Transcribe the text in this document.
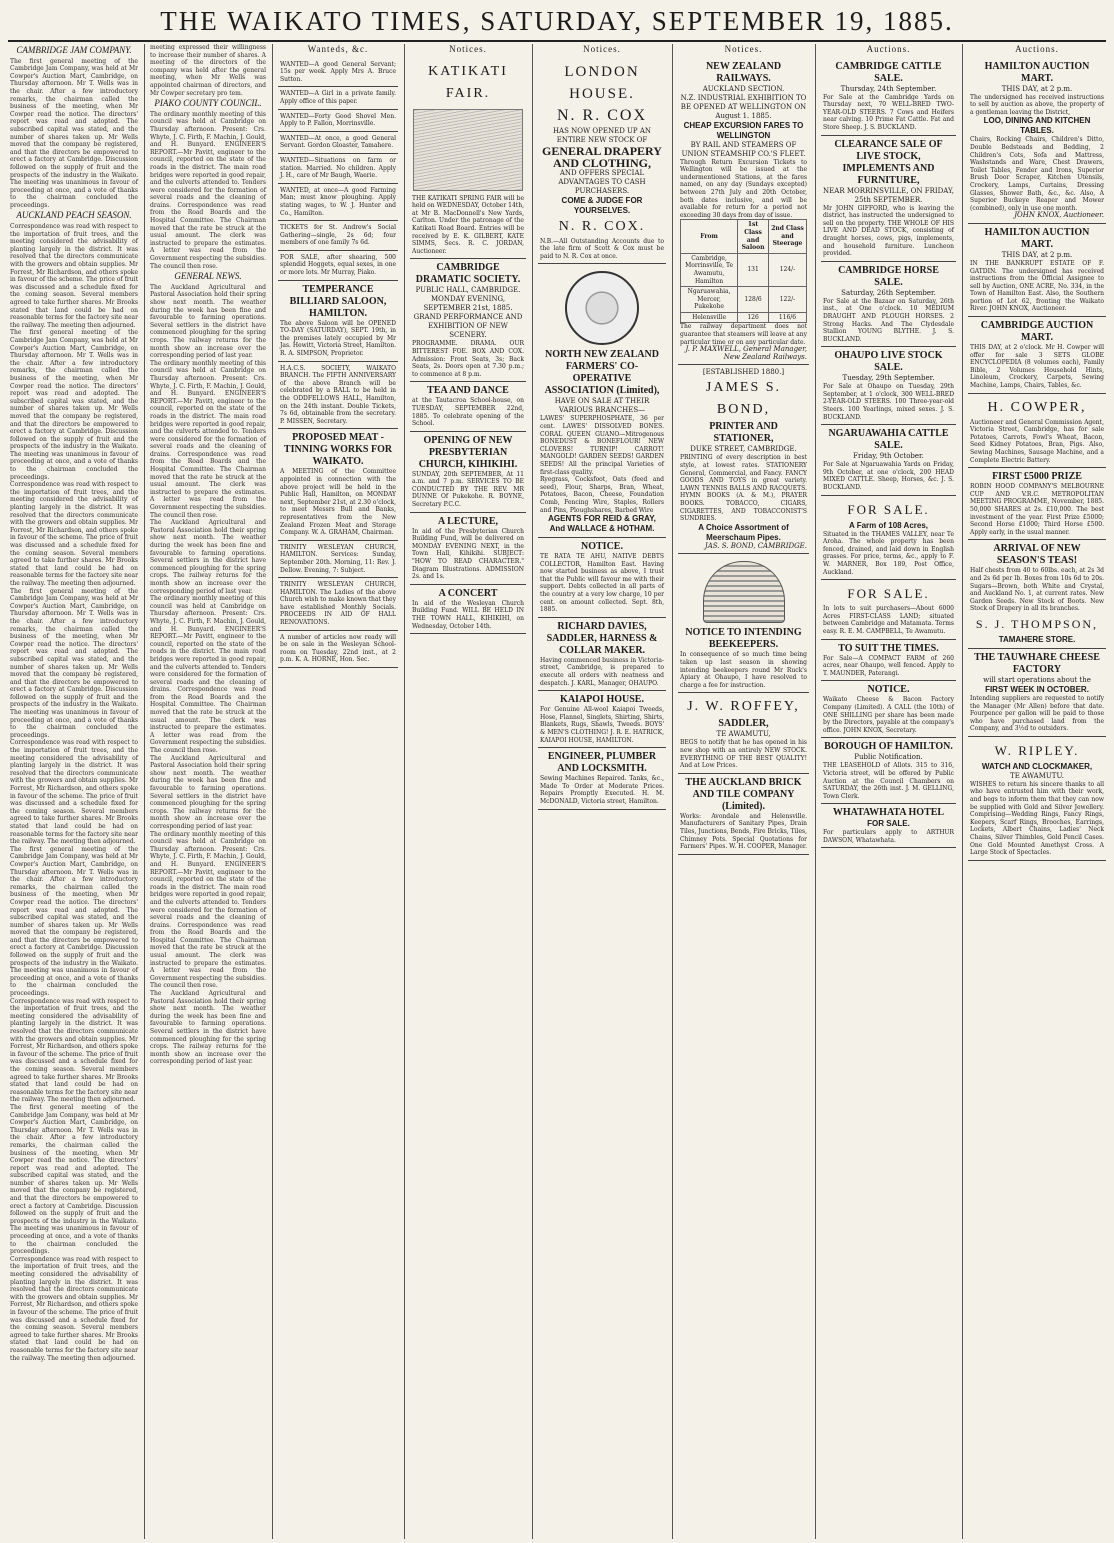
THE WAIKATO TIMES, SATURDAY, SEPTEMBER 19, 1885.
CAMBRIDGE JAM COMPANY.
The first general meeting of the Cambridge Jam Company, was held at Mr Cowper's Auction Mart, Cambridge, on Thursday afternoon. Mr T. Wells was in the chair. After a few introductory remarks, the chairman called the business of the meeting, when Mr Cowper read the notice. The directors' report was read and adopted. The subscribed capital was stated, and the number of shares taken up. Mr Wells moved that the company be registered, and that the directors be empowered to erect a factory at Cambridge. Discussion followed on the supply of fruit and the prospects of the industry in the Waikato. The meeting was unanimous in favour of proceeding at once, and a vote of thanks to the chairman concluded the proceedings.
AUCKLAND PEACH SEASON.
Correspondence was read with respect to the importation of fruit trees, and the meeting considered the advisability of planting largely in the district. It was resolved that the directors communicate with the growers and obtain supplies. Mr Forrest, Mr Richardson, and others spoke in favour of the scheme. The price of fruit was discussed and a schedule fixed for the coming season. Several members agreed to take further shares. Mr Brooks stated that land could be had on reasonable terms for the factory site near the railway. The meeting then adjourned.
The first general meeting of the Cambridge Jam Company, was held at Mr Cowper's Auction Mart, Cambridge, on Thursday afternoon. Mr T. Wells was in the chair. After a few introductory remarks, the chairman called the business of the meeting, when Mr Cowper read the notice. The directors' report was read and adopted. The subscribed capital was stated, and the number of shares taken up. Mr Wells moved that the company be registered, and that the directors be empowered to erect a factory at Cambridge. Discussion followed on the supply of fruit and the prospects of the industry in the Waikato. The meeting was unanimous in favour of proceeding at once, and a vote of thanks to the chairman concluded the proceedings.
Correspondence was read with respect to the importation of fruit trees, and the meeting considered the advisability of planting largely in the district. It was resolved that the directors communicate with the growers and obtain supplies. Mr Forrest, Mr Richardson, and others spoke in favour of the scheme. The price of fruit was discussed and a schedule fixed for the coming season. Several members agreed to take further shares. Mr Brooks stated that land could be had on reasonable terms for the factory site near the railway. The meeting then adjourned.
The first general meeting of the Cambridge Jam Company, was held at Mr Cowper's Auction Mart, Cambridge, on Thursday afternoon. Mr T. Wells was in the chair. After a few introductory remarks, the chairman called the business of the meeting, when Mr Cowper read the notice. The directors' report was read and adopted. The subscribed capital was stated, and the number of shares taken up. Mr Wells moved that the company be registered, and that the directors be empowered to erect a factory at Cambridge. Discussion followed on the supply of fruit and the prospects of the industry in the Waikato. The meeting was unanimous in favour of proceeding at once, and a vote of thanks to the chairman concluded the proceedings.
Correspondence was read with respect to the importation of fruit trees, and the meeting considered the advisability of planting largely in the district. It was resolved that the directors communicate with the growers and obtain supplies. Mr Forrest, Mr Richardson, and others spoke in favour of the scheme. The price of fruit was discussed and a schedule fixed for the coming season. Several members agreed to take further shares. Mr Brooks stated that land could be had on reasonable terms for the factory site near the railway. The meeting then adjourned.
The first general meeting of the Cambridge Jam Company, was held at Mr Cowper's Auction Mart, Cambridge, on Thursday afternoon. Mr T. Wells was in the chair. After a few introductory remarks, the chairman called the business of the meeting, when Mr Cowper read the notice. The directors' report was read and adopted. The subscribed capital was stated, and the number of shares taken up. Mr Wells moved that the company be registered, and that the directors be empowered to erect a factory at Cambridge. Discussion followed on the supply of fruit and the prospects of the industry in the Waikato. The meeting was unanimous in favour of proceeding at once, and a vote of thanks to the chairman concluded the proceedings.
Correspondence was read with respect to the importation of fruit trees, and the meeting considered the advisability of planting largely in the district. It was resolved that the directors communicate with the growers and obtain supplies. Mr Forrest, Mr Richardson, and others spoke in favour of the scheme. The price of fruit was discussed and a schedule fixed for the coming season. Several members agreed to take further shares. Mr Brooks stated that land could be had on reasonable terms for the factory site near the railway. The meeting then adjourned.
The first general meeting of the Cambridge Jam Company, was held at Mr Cowper's Auction Mart, Cambridge, on Thursday afternoon. Mr T. Wells was in the chair. After a few introductory remarks, the chairman called the business of the meeting, when Mr Cowper read the notice. The directors' report was read and adopted. The subscribed capital was stated, and the number of shares taken up. Mr Wells moved that the company be registered, and that the directors be empowered to erect a factory at Cambridge. Discussion followed on the supply of fruit and the prospects of the industry in the Waikato. The meeting was unanimous in favour of proceeding at once, and a vote of thanks to the chairman concluded the proceedings.
Correspondence was read with respect to the importation of fruit trees, and the meeting considered the advisability of planting largely in the district. It was resolved that the directors communicate with the growers and obtain supplies. Mr Forrest, Mr Richardson, and others spoke in favour of the scheme. The price of fruit was discussed and a schedule fixed for the coming season. Several members agreed to take further shares. Mr Brooks stated that land could be had on reasonable terms for the factory site near the railway. The meeting then adjourned.
meeting expressed their willingness to increase their number of shares. A meeting of the directors of the company was held after the general meeting, when Mr Wells was appointed chairman of directors, and Mr Cowper secretary pro tem.
PIAKO COUNTY COUNCIL.
The ordinary monthly meeting of this council was held at Cambridge on Thursday afternoon. Present: Crs. Whyte, J. C. Firth, F. Machin, J. Gould, and H. Bunyard. ENGINEER'S REPORT.—Mr Pavitt, engineer to the council, reported on the state of the roads in the district. The main road bridges were reported in good repair, and the culverts attended to. Tenders were considered for the formation of several roads and the cleaning of drains. Correspondence was read from the Road Boards and the Hospital Committee. The Chairman moved that the rate be struck at the usual amount. The clerk was instructed to prepare the estimates. A letter was read from the Government respecting the subsidies. The council then rose.
GENERAL NEWS.
The Auckland Agricultural and Pastoral Association hold their spring show next month. The weather during the week has been fine and favourable to farming operations. Several settlers in the district have commenced ploughing for the spring crops. The railway returns for the month show an increase over the corresponding period of last year.
The ordinary monthly meeting of this council was held at Cambridge on Thursday afternoon. Present: Crs. Whyte, J. C. Firth, F. Machin, J. Gould, and H. Bunyard. ENGINEER'S REPORT.—Mr Pavitt, engineer to the council, reported on the state of the roads in the district. The main road bridges were reported in good repair, and the culverts attended to. Tenders were considered for the formation of several roads and the cleaning of drains. Correspondence was read from the Road Boards and the Hospital Committee. The Chairman moved that the rate be struck at the usual amount. The clerk was instructed to prepare the estimates. A letter was read from the Government respecting the subsidies. The council then rose.
The Auckland Agricultural and Pastoral Association hold their spring show next month. The weather during the week has been fine and favourable to farming operations. Several settlers in the district have commenced ploughing for the spring crops. The railway returns for the month show an increase over the corresponding period of last year.
The ordinary monthly meeting of this council was held at Cambridge on Thursday afternoon. Present: Crs. Whyte, J. C. Firth, F. Machin, J. Gould, and H. Bunyard. ENGINEER'S REPORT.—Mr Pavitt, engineer to the council, reported on the state of the roads in the district. The main road bridges were reported in good repair, and the culverts attended to. Tenders were considered for the formation of several roads and the cleaning of drains. Correspondence was read from the Road Boards and the Hospital Committee. The Chairman moved that the rate be struck at the usual amount. The clerk was instructed to prepare the estimates. A letter was read from the Government respecting the subsidies. The council then rose.
The Auckland Agricultural and Pastoral Association hold their spring show next month. The weather during the week has been fine and favourable to farming operations. Several settlers in the district have commenced ploughing for the spring crops. The railway returns for the month show an increase over the corresponding period of last year.
The ordinary monthly meeting of this council was held at Cambridge on Thursday afternoon. Present: Crs. Whyte, J. C. Firth, F. Machin, J. Gould, and H. Bunyard. ENGINEER'S REPORT.—Mr Pavitt, engineer to the council, reported on the state of the roads in the district. The main road bridges were reported in good repair, and the culverts attended to. Tenders were considered for the formation of several roads and the cleaning of drains. Correspondence was read from the Road Boards and the Hospital Committee. The Chairman moved that the rate be struck at the usual amount. The clerk was instructed to prepare the estimates. A letter was read from the Government respecting the subsidies. The council then rose.
The Auckland Agricultural and Pastoral Association hold their spring show next month. The weather during the week has been fine and favourable to farming operations. Several settlers in the district have commenced ploughing for the spring crops. The railway returns for the month show an increase over the corresponding period of last year.
Wanteds, &c.
WANTED—A good General Servant; 15s per week. Apply Mrs A. Bruce Sutton.
WANTED—A Girl in a private family. Apply office of this paper.
WANTED—Forty Good Shovel Men. Apply to P. Fallon, Morrinsville.
WANTED—At once, a good General Servant. Gordon Gloaster, Tamahere.
WANTED—Situations on farm or station. Married. No children. Apply J. H., care of Mr Baugh, Waerie.
WANTED, at once—A good Farming Man; must know ploughing. Apply stating wages, to W. J. Hunter and Co., Hamilton.
TICKETS for St. Andrew's Social Gathering—single, 2s 6d; four members of one family 7s 6d.
FOR SALE, after shearing, 500 splendid Hoggets, equal sexes, in one or more lots. Mr Murray, Piako.
TEMPERANCE BILLIARD SALOON, HAMILTON.
The above Saloon will be OPENED TO-DAY (SATURDAY), SEPT. 19th, in the premises lately occupied by Mr Jas. Hewitt, Victoria Street, Hamilton. R. A. SIMPSON, Proprietor.
H.A.C.S. SOCIETY, WAIKATO BRANCH. The FIFTH ANNIVERSARY of the above Branch will be celebrated by a BALL to be held in the ODDFELLOWS HALL, Hamilton, on the 24th instant. Double Tickets, 7s 6d, obtainable from the secretary. P. MISSEN, Secretary.
PROPOSED MEAT - TINNING WORKS FOR WAIKATO.
A MEETING of the Committee appointed in connection with the above project will be held in the Public Hall, Hamilton, on MONDAY next, September 21st, at 2.30 o'clock, to meet Messrs Bull and Banks, representatives from the New Zealand Frozen Meat and Storage Company. W. A. GRAHAM, Chairman.
TRINITY WESLEYAN CHURCH, HAMILTON. Services: Sunday, September 20th. Morning, 11: Rev. J. Dellow. Evening, 7: Subject.
TRINITY WESLEYAN CHURCH, HAMILTON. The Ladies of the above Church wish to make known that they have established Monthly Socials. PROCEEDS IN AID OF HALL RENOVATIONS.
A number of articles now ready will be on sale in the Wesleyan School-room on Tuesday, 22nd inst., at 2 p.m. K. A. HORNE, Hon. Sec.
Notices.
KATIKATI FAIR.
THE KATIKATI SPRING FAIR will be held on WEDNESDAY, October 14th, at Mr B. MacDonnell's New Yards, Carlton. Under the patronage of the Katikati Road Board. Entries will be received by E. K. GILBERT, KATE SIMMS, Secs. R. C. JORDAN, Auctioneer.
CAMBRIDGE DRAMATIC SOCIETY.
PUBLIC HALL, CAMBRIDGE. MONDAY EVENING, SEPTEMBER 21st, 1885. GRAND PERFORMANCE AND EXHIBITION OF NEW SCENERY.
PROGRAMME. DRAMA. OUR BITTEREST FOE. BOX AND COX. Admission: Front Seats, 3s; Back Seats, 2s. Doors open at 7.30 p.m.; to commence at 8 p.m.
TEA AND DANCE
at the Tautacroa School-house, on TUESDAY, SEPTEMBER 22nd, 1885. To celebrate opening of the School.
OPENING OF NEW PRESBYTERIAN CHURCH, KIHIKIHI.
SUNDAY, 20th SEPTEMBER, At 11 a.m. and 7 p.m. SERVICES TO BE CONDUCTED BY THE REV. MR DUNNE Of Pukekohe. R. BOYNE, Secretary P.C.C.
A LECTURE,
In aid of the Presbyterian Church Building Fund, will be delivered on MONDAY EVENING NEXT, in the Town Hall, Kihikihi. SUBJECT: "HOW TO READ CHARACTER." Diagram Illustrations. ADMISSION 2s. and 1s.
A CONCERT
In aid of the Wesleyan Church Building Fund. WILL BE HELD IN THE TOWN HALL, KIHIKIHI, on Wednesday, October 14th.
Notices.
LONDON HOUSE.
N. R. COX
HAS NOW OPENED UP AN ENTIRE NEW STOCK OF
GENERAL DRAPERY AND CLOTHING,
AND OFFERS SPECIAL ADVANTAGES TO CASH PURCHASERS.
COME & JUDGE FOR YOURSELVES.
N. R. COX.
N.B.—All Outstanding Accounts due to the late firm of Scott & Cox must be paid to N. R. Cox at once.
NORTH NEW ZEALAND FARMERS' CO-OPERATIVE ASSOCIATION (Limited),
HAVE ON SALE AT THEIR VARIOUS BRANCHES—
LAWES' SUPERPHOSPHATE, 36 per cent. LAWES' DISSOLVED BONES. CORAL QUEEN GUANO—Mitrogenous BONEDUST & BONEFLOUR! NEW CLOVERS! TURNIP! CARROT! MANGOLD! GARDEN SEEDS! GARDEN SEEDS! All the principal Varieties of first-class quality.
Ryegrass, Cocksfoot, Oats (feed and seed), Flour, Sharps, Bran, Wheat, Potatoes, Bacon, Cheese, Foundation Comb, Fencing Wire, Staples, Rollers and Pins, Ploughshares, Barbed Wire
AGENTS FOR REID & GRAY, And WALLACE & HOTHAM.
NOTICE.
TE RATA TE AHU, NATIVE DEBTS COLLECTOR, Hamilton East. Having now started business as above, I trust that the Public will favour me with their support. Debts collected in all parts of the country at a very low charge, 10 per cent. on amount collected. Sept. 8th, 1885.
RICHARD DAVIES, SADDLER, HARNESS & COLLAR MAKER.
Having commenced business in Victoria-street, Cambridge, is prepared to execute all orders with neatness and despatch. J. KARL, Manager, OHAUPO.
KAIAPOI HOUSE.
For Genuine All-wool Kaiapoi Tweeds, Hose, Flannel, Singlets, Shirting, Shirts, Blankets, Rugs, Shawls, Tweeds. BOYS' & MEN'S CLOTHING! J. R. E. HATRICK, KAIAPOI HOUSE, HAMILTON.
ENGINEER, PLUMBER AND LOCKSMITH.
Sewing Machines Repaired. Tanks, &c., Made To Order at Moderate Prices. Repairs Promptly Executed. H. M. McDONALD, Victoria street, Hamilton.
Notices.
NEW ZEALAND RAILWAYS.
AUCKLAND SECTION.
N.Z. INDUSTRIAL EXHIBITION TO BE OPENED AT WELLINGTON ON August 1. 1885.
CHEAP EXCURSION FARES TO WELLINGTON
BY RAIL AND STEAMERS OF UNION STEAMSHIP CO.'S FLEET.
Through Return Excursion Tickets to Wellington will be issued at the undermentioned Stations, at the fares named, on any day (Sundays excepted) between 27th July and 20th October, both dates inclusive, and will be available for return for a period not exceeding 30 days from day of issue.
From	1st Class and Saloon	2nd Class and Steerage
Cambridge, Morrinsville, Te Awamutu, Hamilton	131	124/-
Ngaruawahia, Mercer, Pukekohe	128/6	122/-
Helensville	126	116/6
The railway department does not guarantee that steamers will leave at any particular time or on any particular date.
J. P. MAXWELL, General Manager, New Zealand Railways.
[ESTABLISHED 1880.]
JAMES S. BOND,
PRINTER AND STATIONER,
DUKE STREET, CAMBRIDGE.
PRINTING of every description in best style, at lowest rates. STATIONERY General, Commercial, and Fancy. FANCY GOODS AND TOYS in great variety. LAWN TENNIS BALLS AND RACQUETS. HYMN BOOKS (A. & M.), PRAYER BOOKS. TOBACCO, CIGARS, CIGARETTES, AND TOBACCONIST'S SUNDRIES.
A Choice Assortment of Meerschaum Pipes.
JAS. S. BOND, CAMBRIDGE.
NOTICE TO INTENDING BEEKEEPERS.
In consequence of so much time being taken up last season in showing intending beekeepers round Mr Ruck's Apiary at Ohaupo, I have resolved to charge a fee for instruction.
J. W. ROFFEY,
SADDLER,
TE AWAMUTU,
BEGS to notify that he has opened in his new shop with an entirely NEW STOCK. EVERYTHING OF THE BEST QUALITY! And at Low Prices.
THE AUCKLAND BRICK AND TILE COMPANY (Limited).
Works: Avondale and Helensville. Manufacturers of Sanitary Pipes, Drain Tiles, Junctions, Bends, Fire Bricks, Tiles, Chimney Pots. Special Quotations for Farmers' Pipes. W. H. COOPER, Manager.
Auctions.
CAMBRIDGE CATTLE SALE.
Thursday, 24th September.
For Sale at the Cambridge Yards on Thursday next, 70 WELL-BRED TWO-YEAR-OLD STEERS. 7 Cows and Heifers near calving. 10 Prime Fat Cattle. Fat and Store Sheep. J. S. BUCKLAND.
CLEARANCE SALE OF LIVE STOCK, IMPLEMENTS AND FURNITURE,
NEAR MORRINSVILLE, ON FRIDAY, 25th SEPTEMBER.
Mr JOHN GIFFORD, who is leaving the district, has instructed the undersigned to sell on the property. THE WHOLE OF HIS LIVE AND DEAD STOCK, consisting of draught horses, cows, pigs, implements, and household furniture. Luncheon provided.
CAMBRIDGE HORSE SALE.
Saturday, 26th September.
For Sale at the Bazaar on Saturday, 26th inst., at One o'clock. 10 MEDIUM DRAUGHT AND PLOUGH HORSES. 2 Strong Hacks. And The Clydesdale Stallion YOUNG BLYTHE. J. S. BUCKLAND.
OHAUPO LIVE STOCK SALE.
Tuesday, 29th September.
For Sale at Ohaupo on Tuesday, 29th September, at 1 o'clock, 300 WELL-BRED 2-YEAR-OLD STEERS. 100 Three-year-old Steers. 100 Yearlings, mixed sexes. J. S. BUCKLAND.
NGARUAWAHIA CATTLE SALE.
Friday, 9th October.
For Sale at Ngaruawahia Yards on Friday, 9th October, at one o'clock, 200 HEAD MIXED CATTLE. Sheep, Horses, &c. J. S. BUCKLAND.
FOR SALE.
A Farm of 108 Acres,
Situated in the THAMES VALLEY, near Te Aroha. The whole property has been fenced, drained, and laid down in English grasses. For price, terms, &c., apply to F. W. MARNER, Box 189, Post Office, Auckland.
FOR SALE.
In lots to suit purchasers—About 6000 Acres FIRST-CLASS LAND; situated between Cambridge and Matamata. Terms easy. R. E. M. CAMPBELL, Te Awamutu.
TO SUIT THE TIMES.
For Sale—A COMPACT FARM of 260 acres, near Ohaupo, well fenced. Apply to T. MAUNDER, Paterangi.
NOTICE.
Waikato Cheese & Bacon Factory Company (Limited). A CALL (the 10th) of ONE SHILLING per share has been made by the Directors, payable at the company's office. JOHN KNOX, Secretary.
BOROUGH OF HAMILTON.
Public Notification.
THE LEASEHOLD of Allots. 315 to 316, Victoria street, will be offered by Public Auction at the Council Chambers on SATURDAY, the 26th inst. J. M. GELLING, Town Clerk.
WHATAWHATA HOTEL
FOR SALE.
For particulars apply to ARTHUR DAWSON, Whatawhata.
Auctions.
HAMILTON AUCTION MART.
THIS DAY, at 2 p.m.
The undersigned has received instructions to sell by auction as above, the property of a gentleman leaving the District,
LOO, DINING AND KITCHEN TABLES.
Chairs, Rocking Chairs, Children's Ditto, Double Bedsteads and Bedding, 2 Children's Cots, Sofa and Mattress, Washstands and Ware, Chest Drawers, Toilet Tables, Fender and Irons, Superior Brush Door Scraper, Kitchen Utensils, Crockery, Lamps, Curtains, Dressing Glasses, Shower Bath, &c., &c. Also, A Superior Buckeye Reaper and Mower (combined), only in use one month.
JOHN KNOX, Auctioneer.
HAMILTON AUCTION MART.
THIS DAY, at 2 p.m.
IN THE BANKRUPT ESTATE OF F. GATDIN. The undersigned has received instructions from the Official Assignee to sell by Auction, ONE ACRE, No. 334, in the Town of Hamilton East. Also, the Southern portion of Lot 62, fronting the Waikato River. JOHN KNOX, Auctioneer.
CAMBRIDGE AUCTION MART.
THIS DAY, at 2 o'clock. Mr H. Cowper will offer for sale 3 SETS GLOBE ENCYCLOPEDIA (8 volumes each), Family Bible, 2 Volumes Household Hints, Linoleum, Crockery, Carpets, Sewing Machine, Lamps, Chairs, Tables, &c.
H. COWPER,
Auctioneer and General Commission Agent, Victoria Street, Cambridge, has for sale Potatoes, Carrots, Fowl's Wheat, Bacon, Seed Kidney Potatoes, Bran, Pigs. Also, Sewing Machines, Sausage Machine, and a Complete Electric Battery.
FIRST £5000 PRIZE
ROBIN HOOD COMPANY'S MELBOURNE CUP AND V.R.C. METROPOLITAN MEETING PROGRAMME, November, 1885. 50,000 SHARES at 2s. £10,000. The best investment of the year. First Prize £5000; Second Horse £1000; Third Horse £500. Apply early, in the usual manner.
ARRIVAL OF NEW SEASON'S TEAS!
Half chests from 40 to 60lbs. each, at 2s 3d and 2s 6d per lb. Boxes from 10s 6d to 20s. Sugars—Brown, both White and Crystal, and Auckland No. 1, at current rates. New Garden Seeds. New Stock of Boots. New Stock of Drapery in all its branches.
S. J. THOMPSON,
TAMAHERE STORE.
THE TAUWHARE CHEESE FACTORY
will start operations about the
FIRST WEEK IN OCTOBER.
Intending suppliers are requested to notify the Manager (Mr Allen) before that date. Fourpence per gallon will be paid to those who have purchased land from the Company, and 3½d to outsiders.
W. RIPLEY.
WATCH AND CLOCKMAKER,
TE AWAMUTU.
WISHES to return his sincere thanks to all who have entrusted him with their work, and begs to inform them that they can now be supplied with Gold and Silver Jewellery. Comprising—Wedding Rings, Fancy Rings, Keepers, Scarf Rings, Brooches, Earrings, Lockets, Albert Chains, Ladies' Neck Chains, Silver Thimbles, Gold Pencil Cases. One Gold Mounted Amethyst Cross. A Large Stock of Spectacles.
